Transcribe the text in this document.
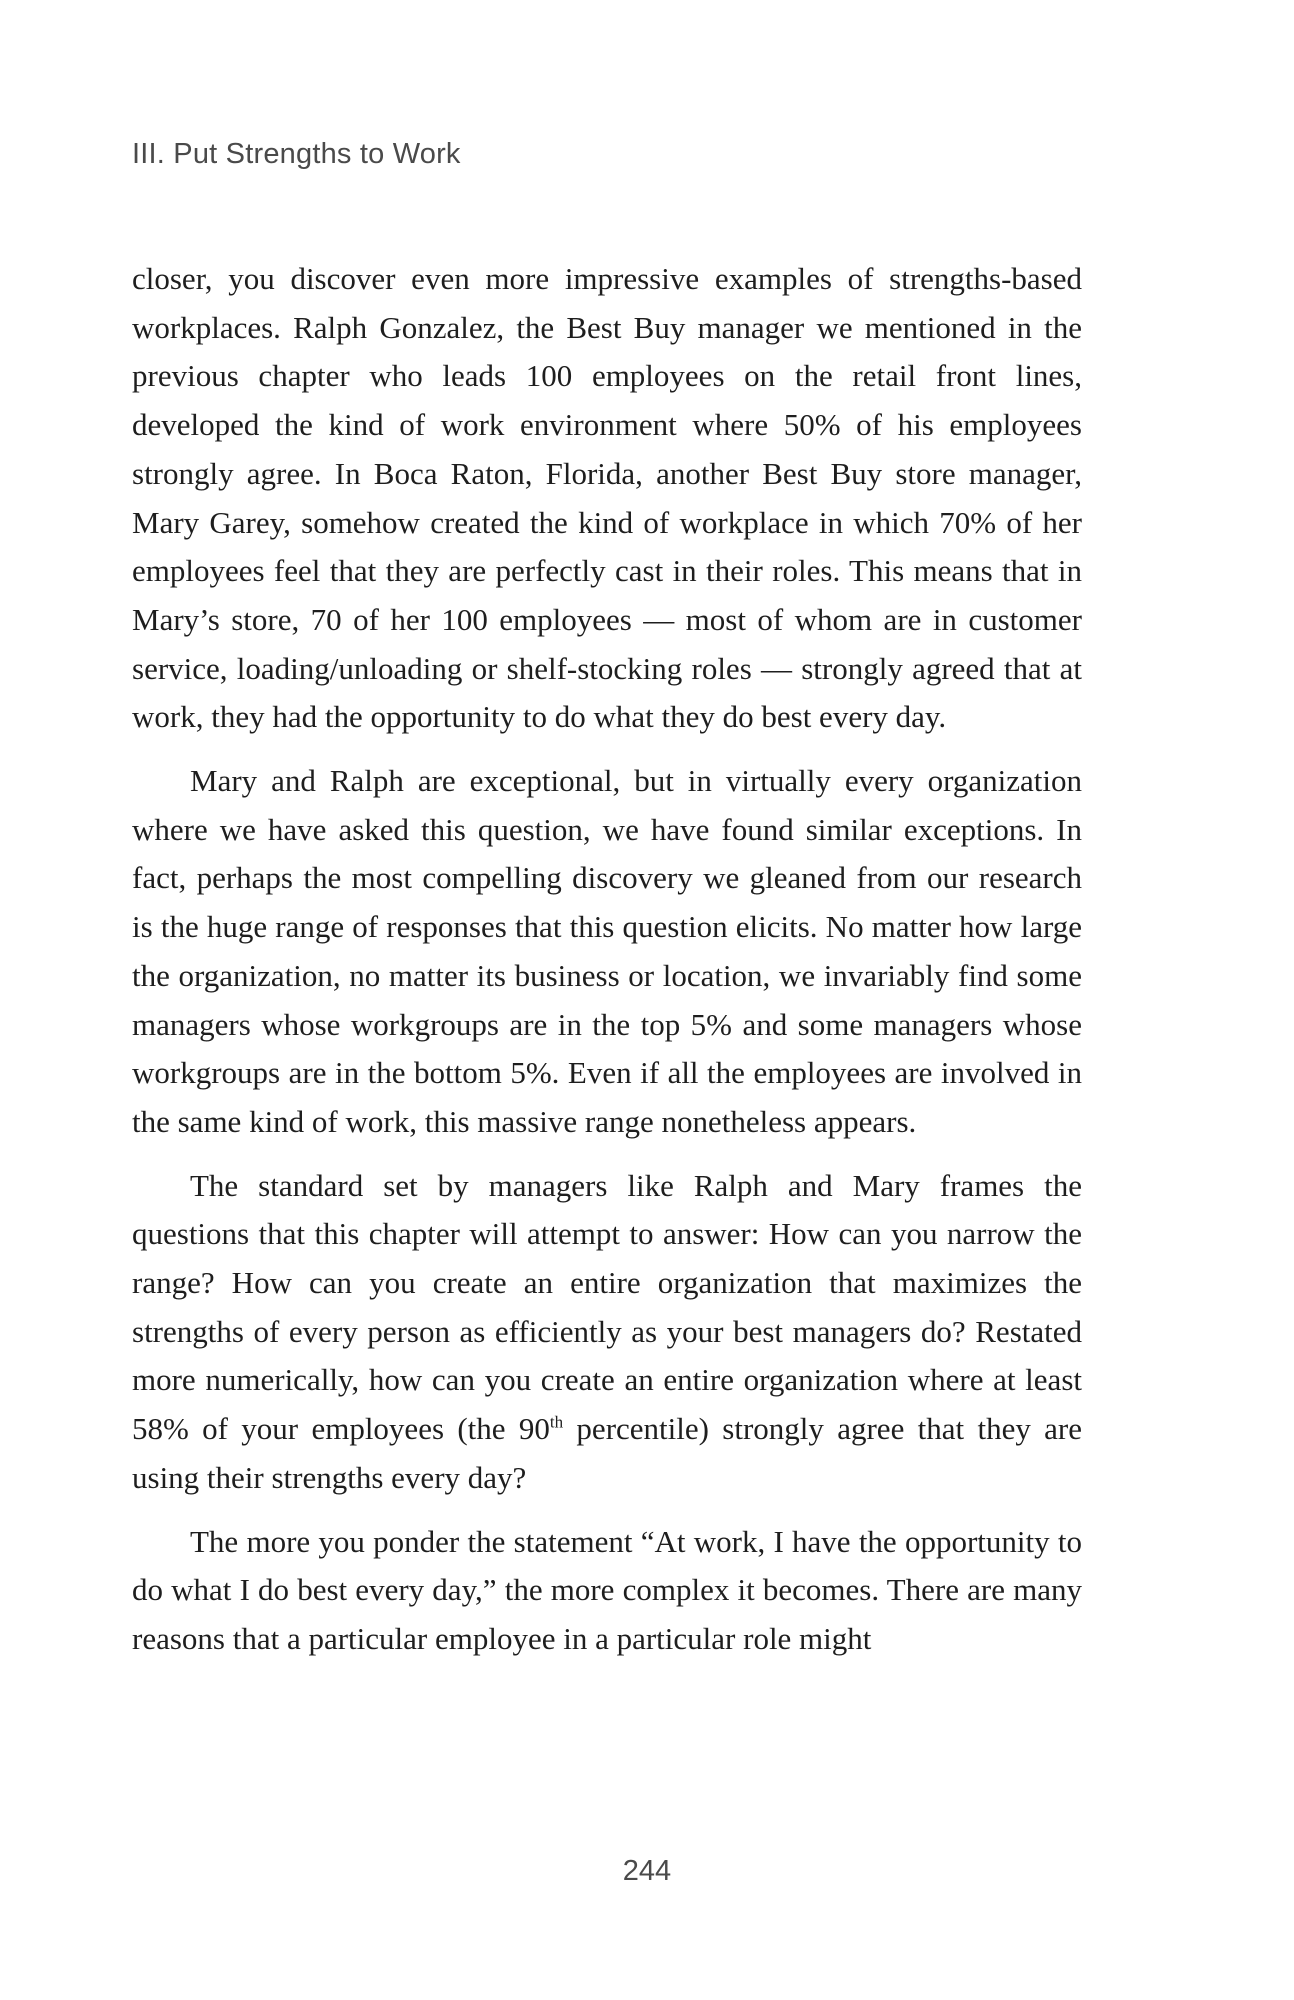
III. Put Strengths to Work

closer, you discover even more impressive examples of strengths-based workplaces. Ralph Gonzalez, the Best Buy manager we mentioned in the previous chapter who leads 100 employees on the retail front lines, developed the kind of work environment where 50% of his employees strongly agree. In Boca Raton, Florida, another Best Buy store manager, Mary Garey, somehow created the kind of workplace in which 70% of her employees feel that they are perfectly cast in their roles. This means that in Mary’s store, 70 of her 100 employees — most of whom are in customer service, loading/unloading or shelf-stocking roles — strongly agreed that at work, they had the opportunity to do what they do best every day.

Mary and Ralph are exceptional, but in virtually every organization where we have asked this question, we have found similar exceptions. In fact, perhaps the most compelling discovery we gleaned from our research is the huge range of responses that this question elicits. No matter how large the organization, no matter its business or location, we invariably find some managers whose workgroups are in the top 5% and some managers whose workgroups are in the bottom 5%. Even if all the employees are involved in the same kind of work, this massive range nonetheless appears.

The standard set by managers like Ralph and Mary frames the questions that this chapter will attempt to answer: How can you narrow the range? How can you create an entire organization that maximizes the strengths of every person as efficiently as your best managers do? Restated more numerically, how can you create an entire organization where at least 58% of your employees (the 90th percentile) strongly agree that they are using their strengths every day?

The more you ponder the statement “At work, I have the opportunity to do what I do best every day,” the more complex it becomes. There are many reasons that a particular employee in a particular role might

244
